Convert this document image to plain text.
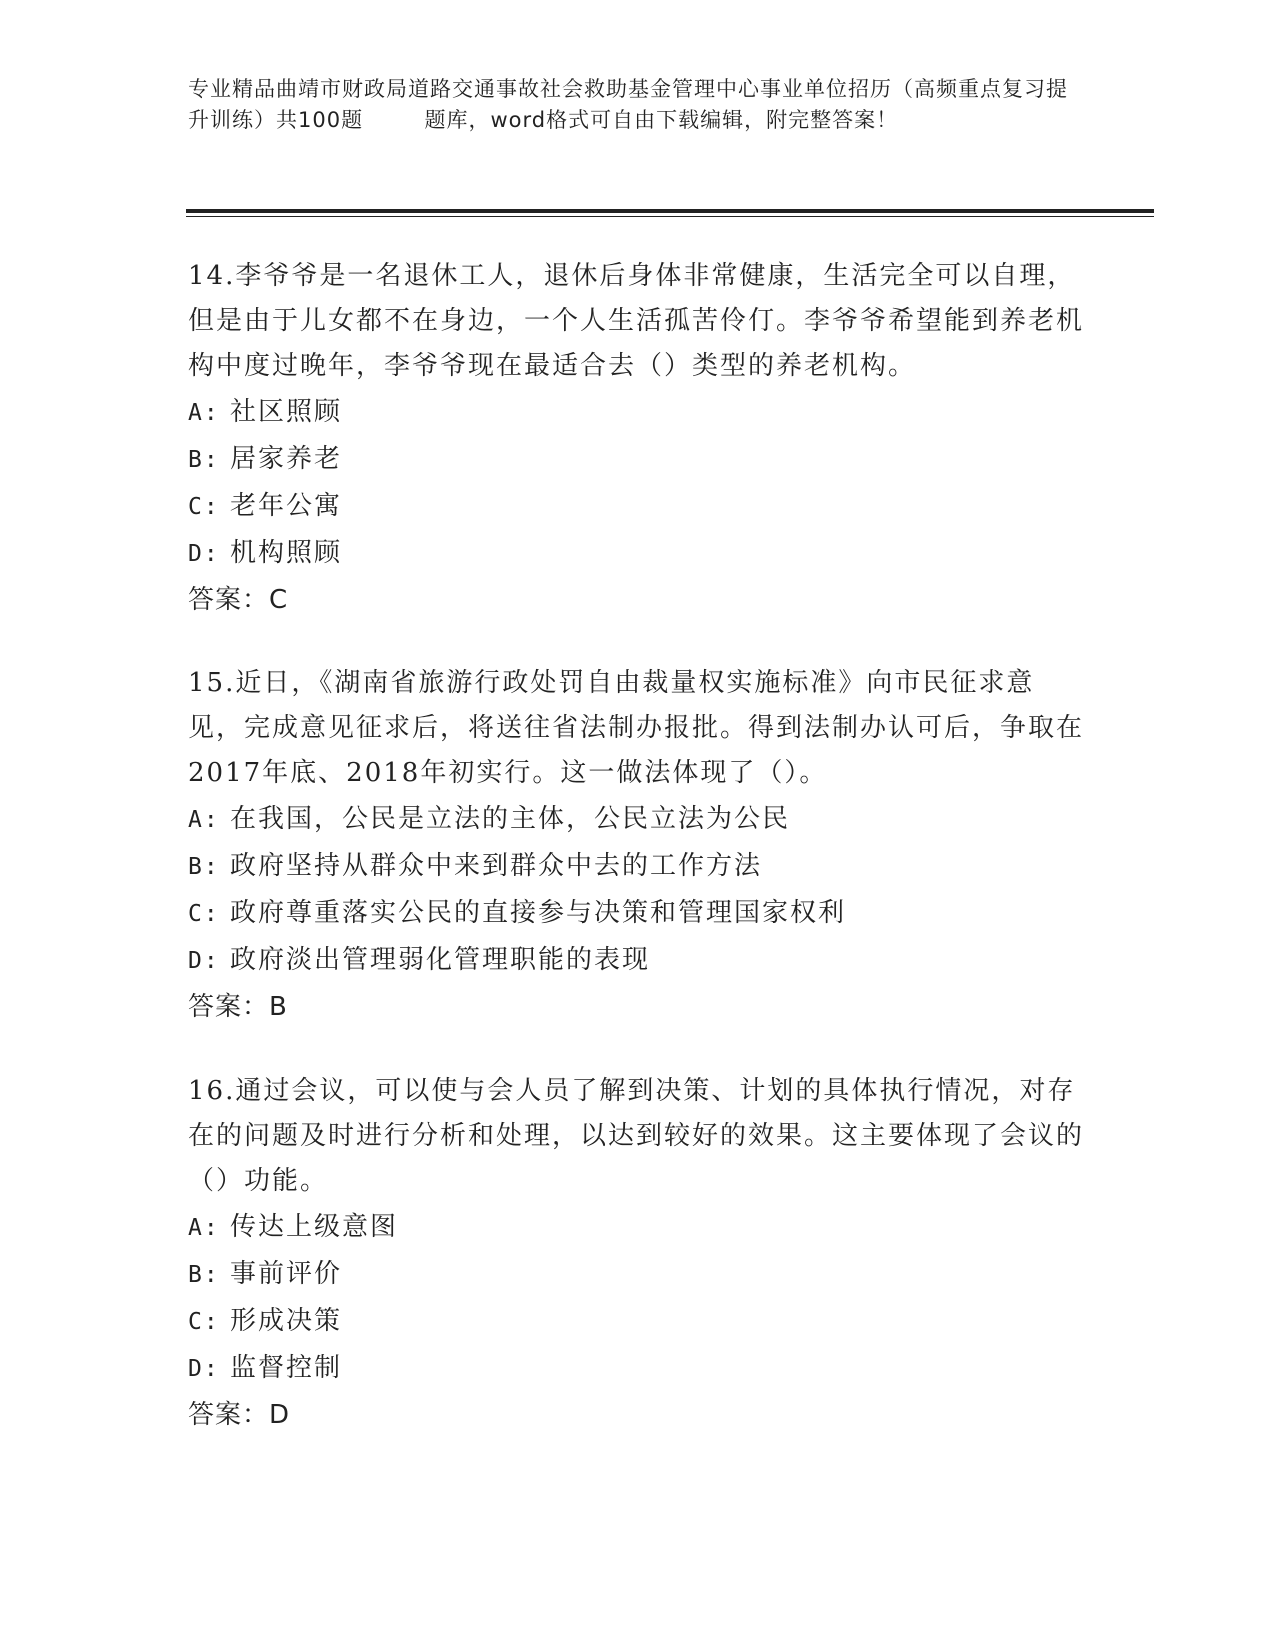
专业精品曲靖市财政局道路交通事故社会救助基金管理中心事业单位招历（高频重点复习提升训练）共100题        题库，word格式可自由下载编辑，附完整答案！

14.李爷爷是一名退休工人，退休后身体非常健康，生活完全可以自理，但是由于儿女都不在身边，一个人生活孤苦伶仃。李爷爷希望能到养老机构中度过晚年，李爷爷现在最适合去（）类型的养老机构。

A: 社区照顾

B: 居家养老

C: 老年公寓

D: 机构照顾

答案：C

15.近日，《湖南省旅游行政处罚自由裁量权实施标准》向市民征求意见，完成意见征求后，将送往省法制办报批。得到法制办认可后，争取在2017年底、2018年初实行。这一做法体现了（）。

A: 在我国，公民是立法的主体，公民立法为公民

B: 政府坚持从群众中来到群众中去的工作方法

C: 政府尊重落实公民的直接参与决策和管理国家权利

D: 政府淡出管理弱化管理职能的表现

答案：B

16.通过会议，可以使与会人员了解到决策、计划的具体执行情况，对存在的问题及时进行分析和处理，以达到较好的效果。这主要体现了会议的（）功能。

A: 传达上级意图

B: 事前评价

C: 形成决策

D: 监督控制

答案：D
